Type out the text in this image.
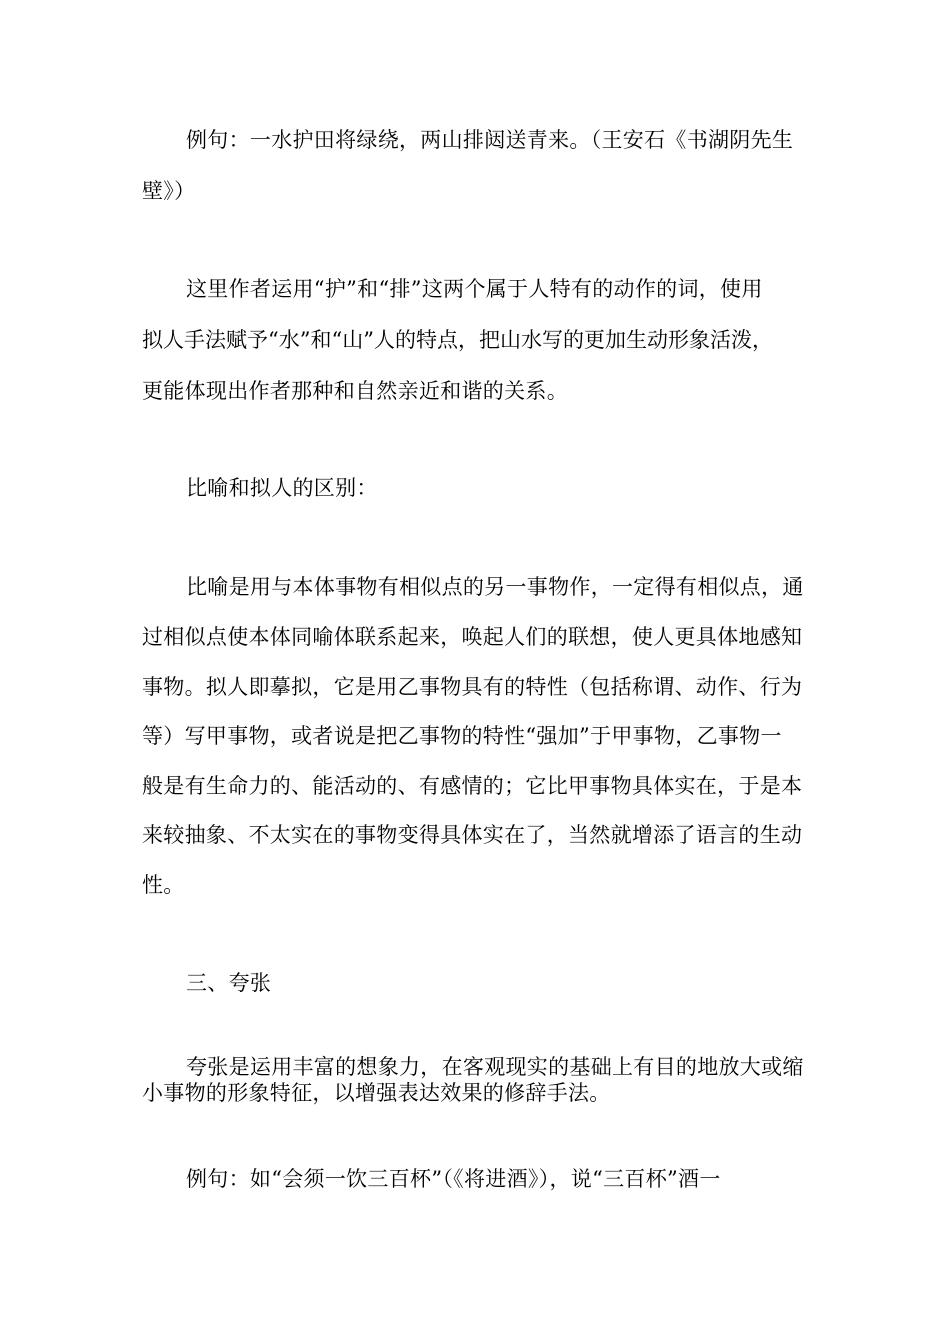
例句：一水护田将绿绕，两山排闼送青来。（王安石《书湖阴先生
壁》）
这里作者运用“护”和“排”这两个属于人特有的动作的词，使用
拟人手法赋予“水”和“山”人的特点，把山水写的更加生动形象活泼，
更能体现出作者那种和自然亲近和谐的关系。
比喻和拟人的区别：
比喻是用与本体事物有相似点的另一事物作，一定得有相似点，通
过相似点使本体同喻体联系起来，唤起人们的联想，使人更具体地感知
事物。拟人即摹拟，它是用乙事物具有的特性（包括称谓、动作、行为
等）写甲事物，或者说是把乙事物的特性“强加”于甲事物，乙事物一
般是有生命力的、能活动的、有感情的；它比甲事物具体实在，于是本
来较抽象、不太实在的事物变得具体实在了，当然就增添了语言的生动
性。
三、夸张
夸张是运用丰富的想象力，在客观现实的基础上有目的地放大或缩
小事物的形象特征，以增强表达效果的修辞手法。
例句：如“会须一饮三百杯”（《将进酒》），说“三百杯”酒一
